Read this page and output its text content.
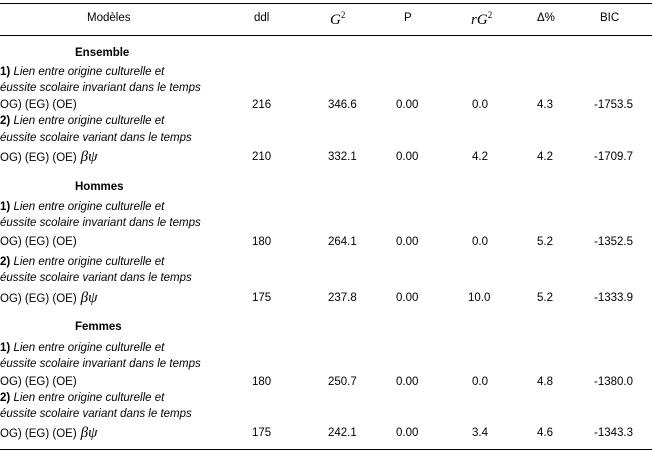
Modèles	ddl	$G^2$	P	$rG^2$	Δ%	BIC
Ensemble
1) Lien entre origine culturelle et
éussite scolaire invariant dans le temps
OG) (EG) (OE)	216	346.6	0.00	0.0	4.3	-1753.5
2) Lien entre origine culturelle et
éussite scolaire variant dans le temps
OG) (EG) (OE) βψ	210	332.1	0.00	4.2	4.2	-1709.7
Hommes
1) Lien entre origine culturelle et
éussite scolaire invariant dans le temps
OG) (EG) (OE)	180	264.1	0.00	0.0	5.2	-1352.5
2) Lien entre origine culturelle et
éussite scolaire variant dans le temps
OG) (EG) (OE) βψ	175	237.8	0.00	10.0	5.2	-1333.9
Femmes
1) Lien entre origine culturelle et
éussite scolaire invariant dans le temps
OG) (EG) (OE)	180	250.7	0.00	0.0	4.8	-1380.0
2) Lien entre origine culturelle et
éussite scolaire variant dans le temps
OG) (EG) (OE) βψ	175	242.1	0.00	3.4	4.6	-1343.3
